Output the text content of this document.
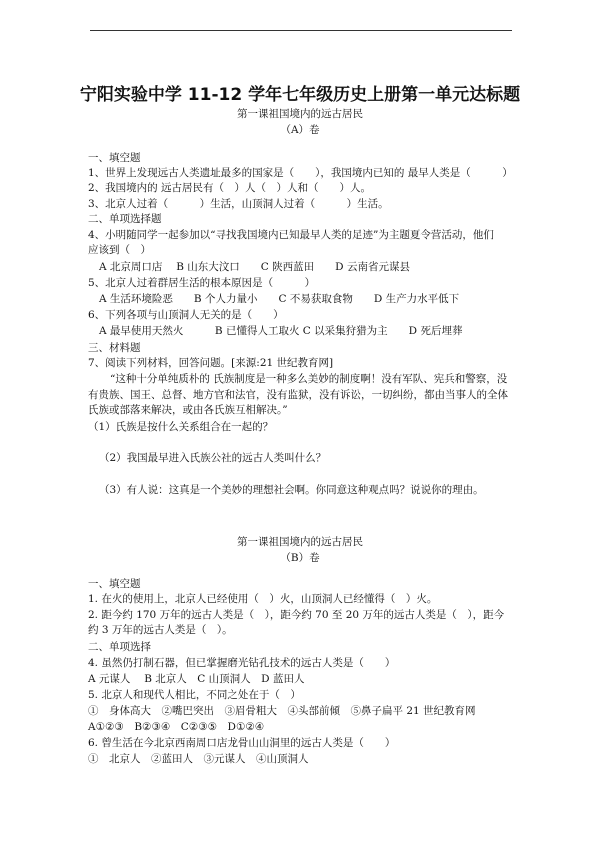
宁阳实验中学 11-12 学年七年级历史上册第一单元达标题
第一课祖国境内的远古居民
（A）卷
一、填空题
1、世界上发现远古人类遗址最多的国家是（　　），我国境内已知的 最早人类是（　　　）
2、我国境内的 远古居民有（　）人（　）人和（　　）人。
3、北京人过着（　　　）生活，山顶洞人过着（　　　）生活。
二、单项选择题
4、小明随同学一起参加以“寻找我国境内已知最早人类的足迹”为主题夏令营活动，他们
应该到（　）
A 北京周口店　 B 山东大汶口　　C 陕西蓝田　　D 云南省元谋县
5、北京人过着群居生活的根本原因是（　　　）
A 生活环境险恶　　B 个人力量小　　C 不易获取食物　　D 生产力水平低下
6、下列各项与山顶洞人无关的是（　　）
A 最早使用天然火　　　B 已懂得人工取火 C 以采集狩猎为主　　D 死后埋葬
三、材料题
7、阅读下列材料，回答问题。[来源:21 世纪教育网]
“这种十分单纯质朴的 氏族制度是一种多么美妙的制度啊！没有军队、宪兵和警察，没
有贵族、国王、总督、地方官和法官，没有监狱，没有诉讼，一切纠纷，都由当事人的全体
氏族或部落来解决，或由各氏族互相解决。”
（1）氏族是按什么关系组合在一起的？
（2）我国最早进入氏族公社的远古人类叫什么？
（3）有人说：这真是一个美妙的理想社会啊。你同意这种观点吗？说说你的理由。
第一课祖国境内的远古居民
（B）卷
一、填空题
1. 在火的使用上，北京人已经使用（　）火，山顶洞人已经懂得（　）火。
2. 距今约 170 万年的远古人类是（　），距今约 70 至 20 万年的远古人类是（　），距今
约 3 万年的远古人类是（　）。
二、单项选择
4. 虽然仍打制石器，但已掌握磨光钻孔技术的远古人类是（　　）
A 元谋人　 B 北京人　C 山顶洞人　D 蓝田人
5. 北京人和现代人相比，不同之处在于（　）
①　身体高大　②嘴巴突出　③眉骨粗大　④头部前倾　⑤鼻子扁平 21 世纪教育网
A①②③　B②③④　C②③⑤　D①②④
6. 曾生活在今北京西南周口店龙骨山山洞里的远古人类是（　　）
①　北京人　②蓝田人　③元谋人　④山顶洞人
